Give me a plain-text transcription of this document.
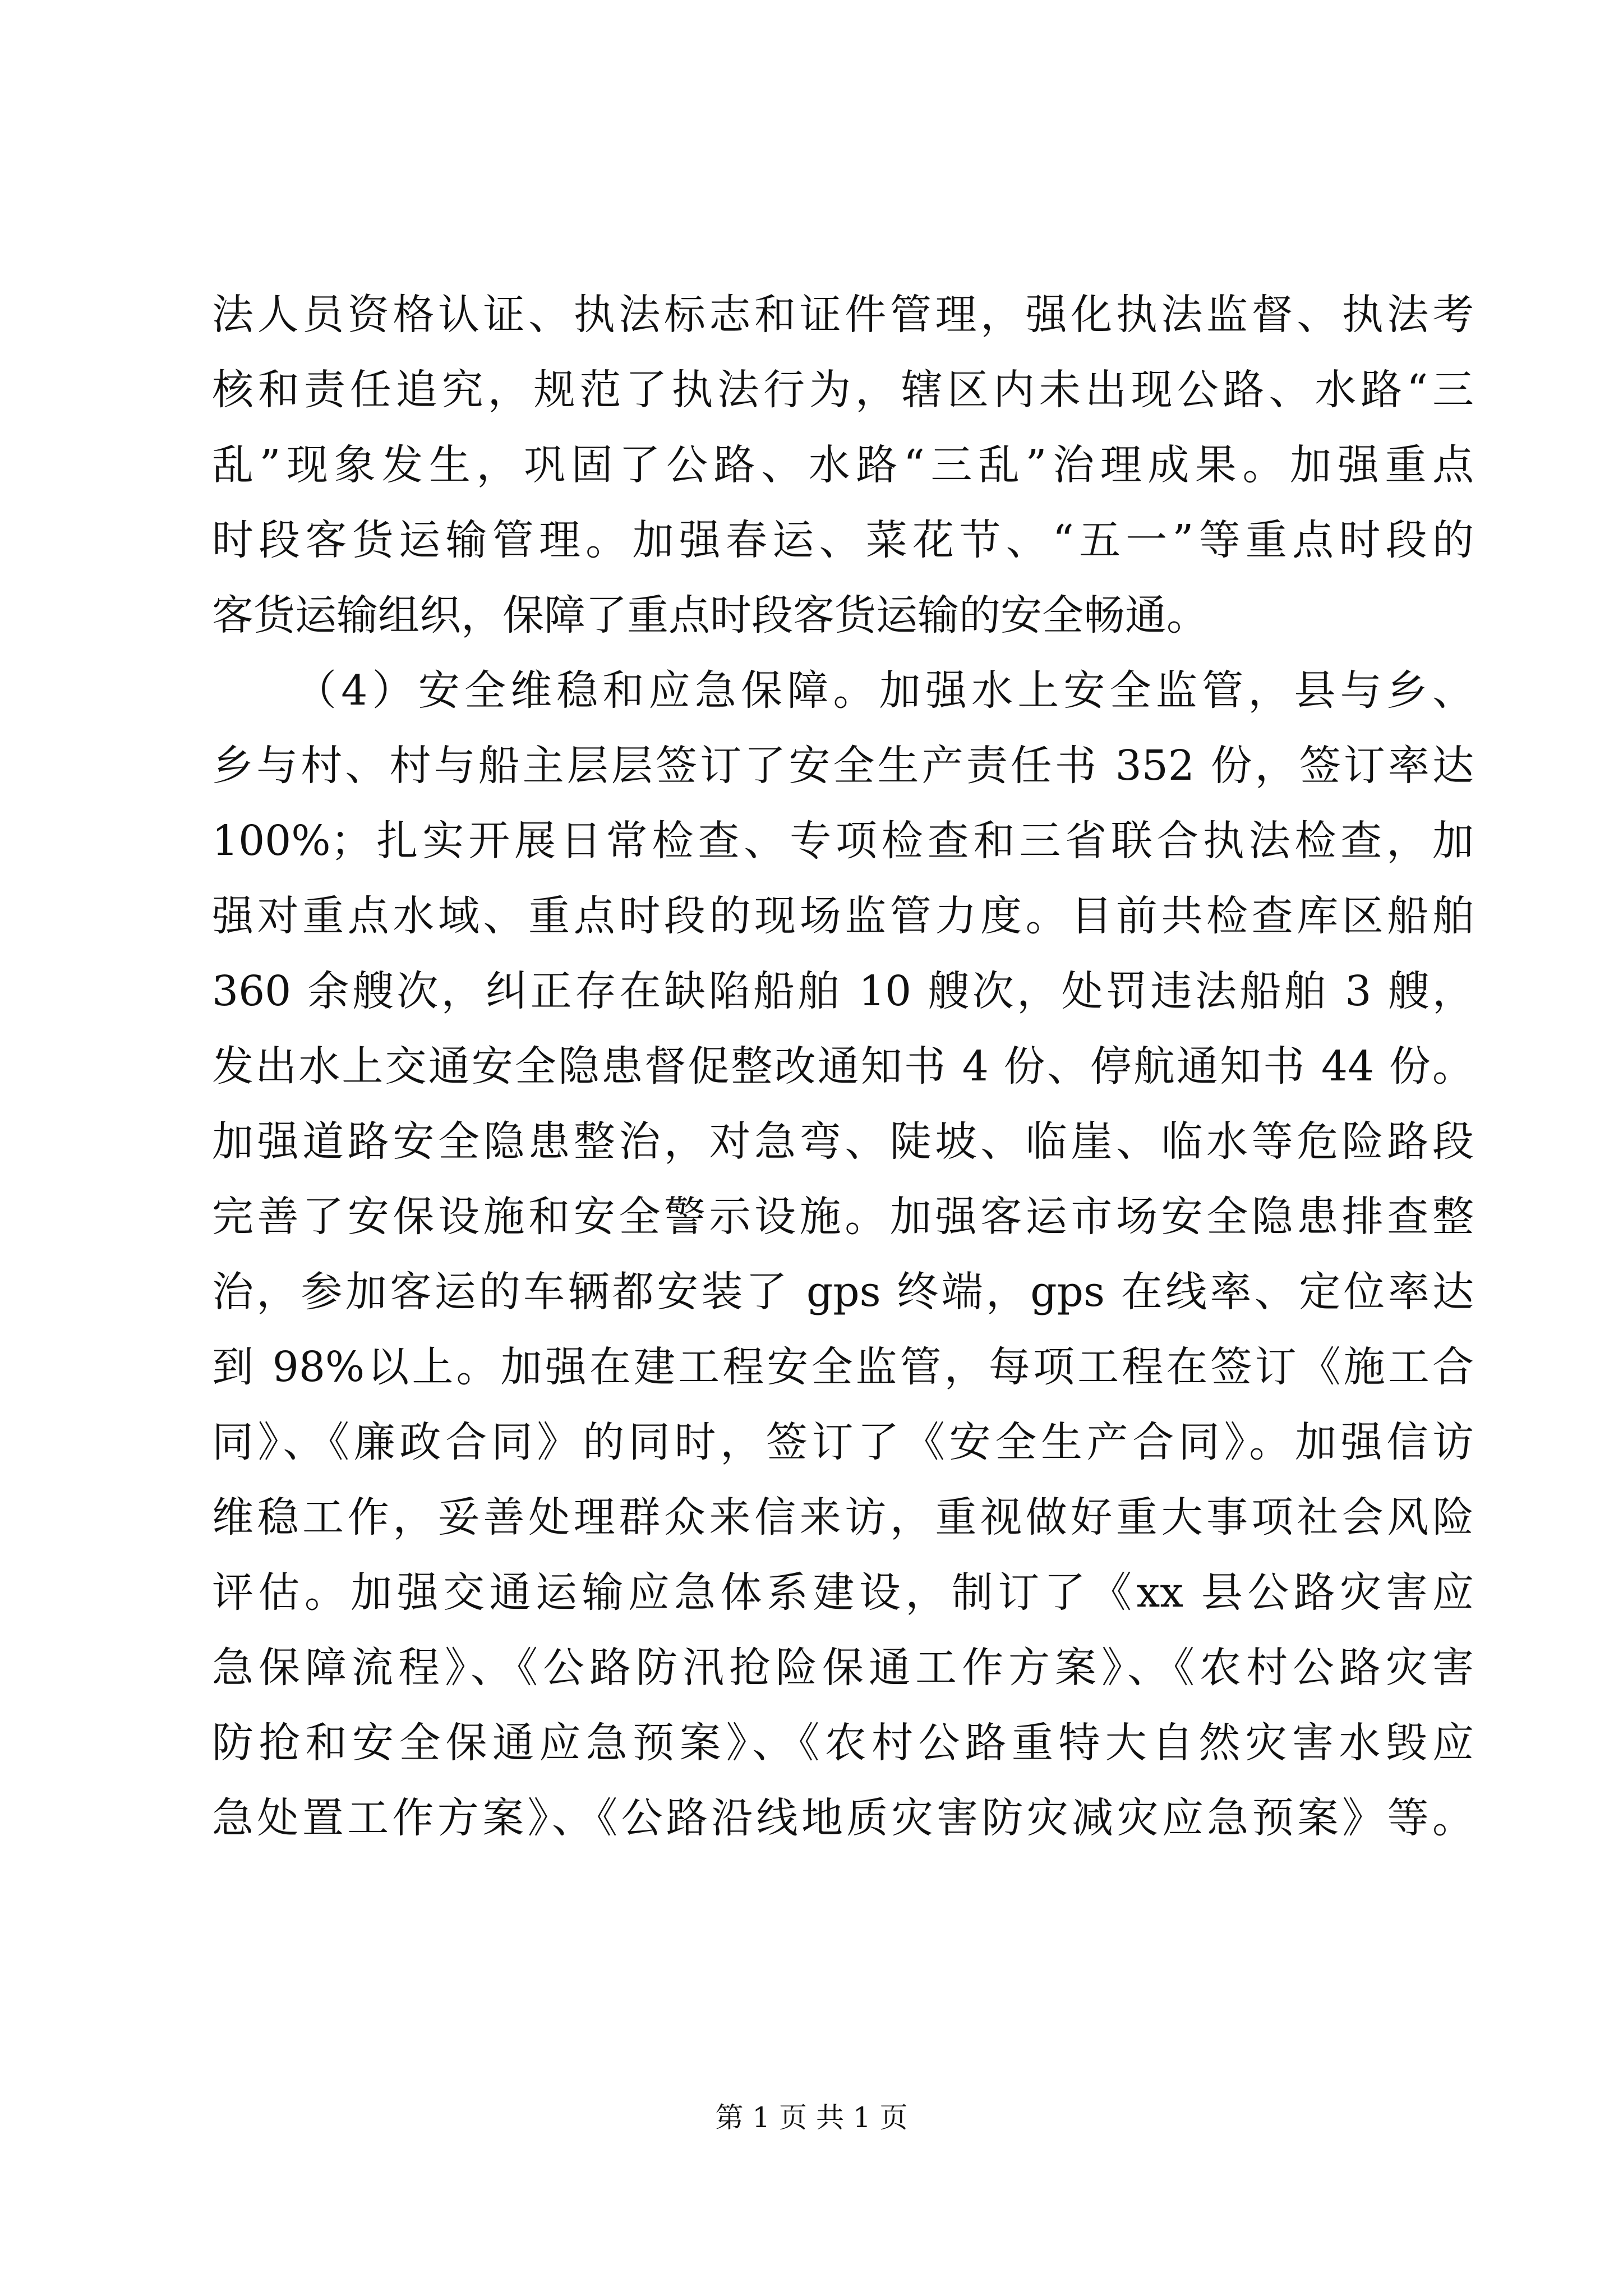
法人员资格认证、执法标志和证件管理，强化执法监督、执法考
核和责任追究，规范了执法行为，辖区内未出现公路、水路“三
乱”现象发生，巩固了公路、水路“三乱”治理成果。加强重点
时段客货运输管理。加强春运、菜花节、“五一”等重点时段的
客货运输组织，保障了重点时段客货运输的安全畅通。
（4）安全维稳和应急保障。加强水上安全监管，县与乡、
乡与村、村与船主层层签订了安全生产责任书 352 份，签订率达
100%；扎实开展日常检查、专项检查和三省联合执法检查，加
强对重点水域、重点时段的现场监管力度。目前共检查库区船舶
360 余艘次，纠正存在缺陷船舶 10 艘次，处罚违法船舶 3 艘，
发出水上交通安全隐患督促整改通知书 4 份、停航通知书 44 份。
加强道路安全隐患整治，对急弯、陡坡、临崖、临水等危险路段
完善了安保设施和安全警示设施。加强客运市场安全隐患排查整
治，参加客运的车辆都安装了 gps 终端，gps 在线率、定位率达
到 98%以上。加强在建工程安全监管，每项工程在签订《施工合
同》、《廉政合同》的同时，签订了《安全生产合同》。加强信访
维稳工作，妥善处理群众来信来访，重视做好重大事项社会风险
评估。加强交通运输应急体系建设，制订了《xx 县公路灾害应
急保障流程》、《公路防汛抢险保通工作方案》、《农村公路灾害
防抢和安全保通应急预案》、《农村公路重特大自然灾害水毁应
急处置工作方案》、《公路沿线地质灾害防灾减灾应急预案》等。
第 1 页 共 1 页
